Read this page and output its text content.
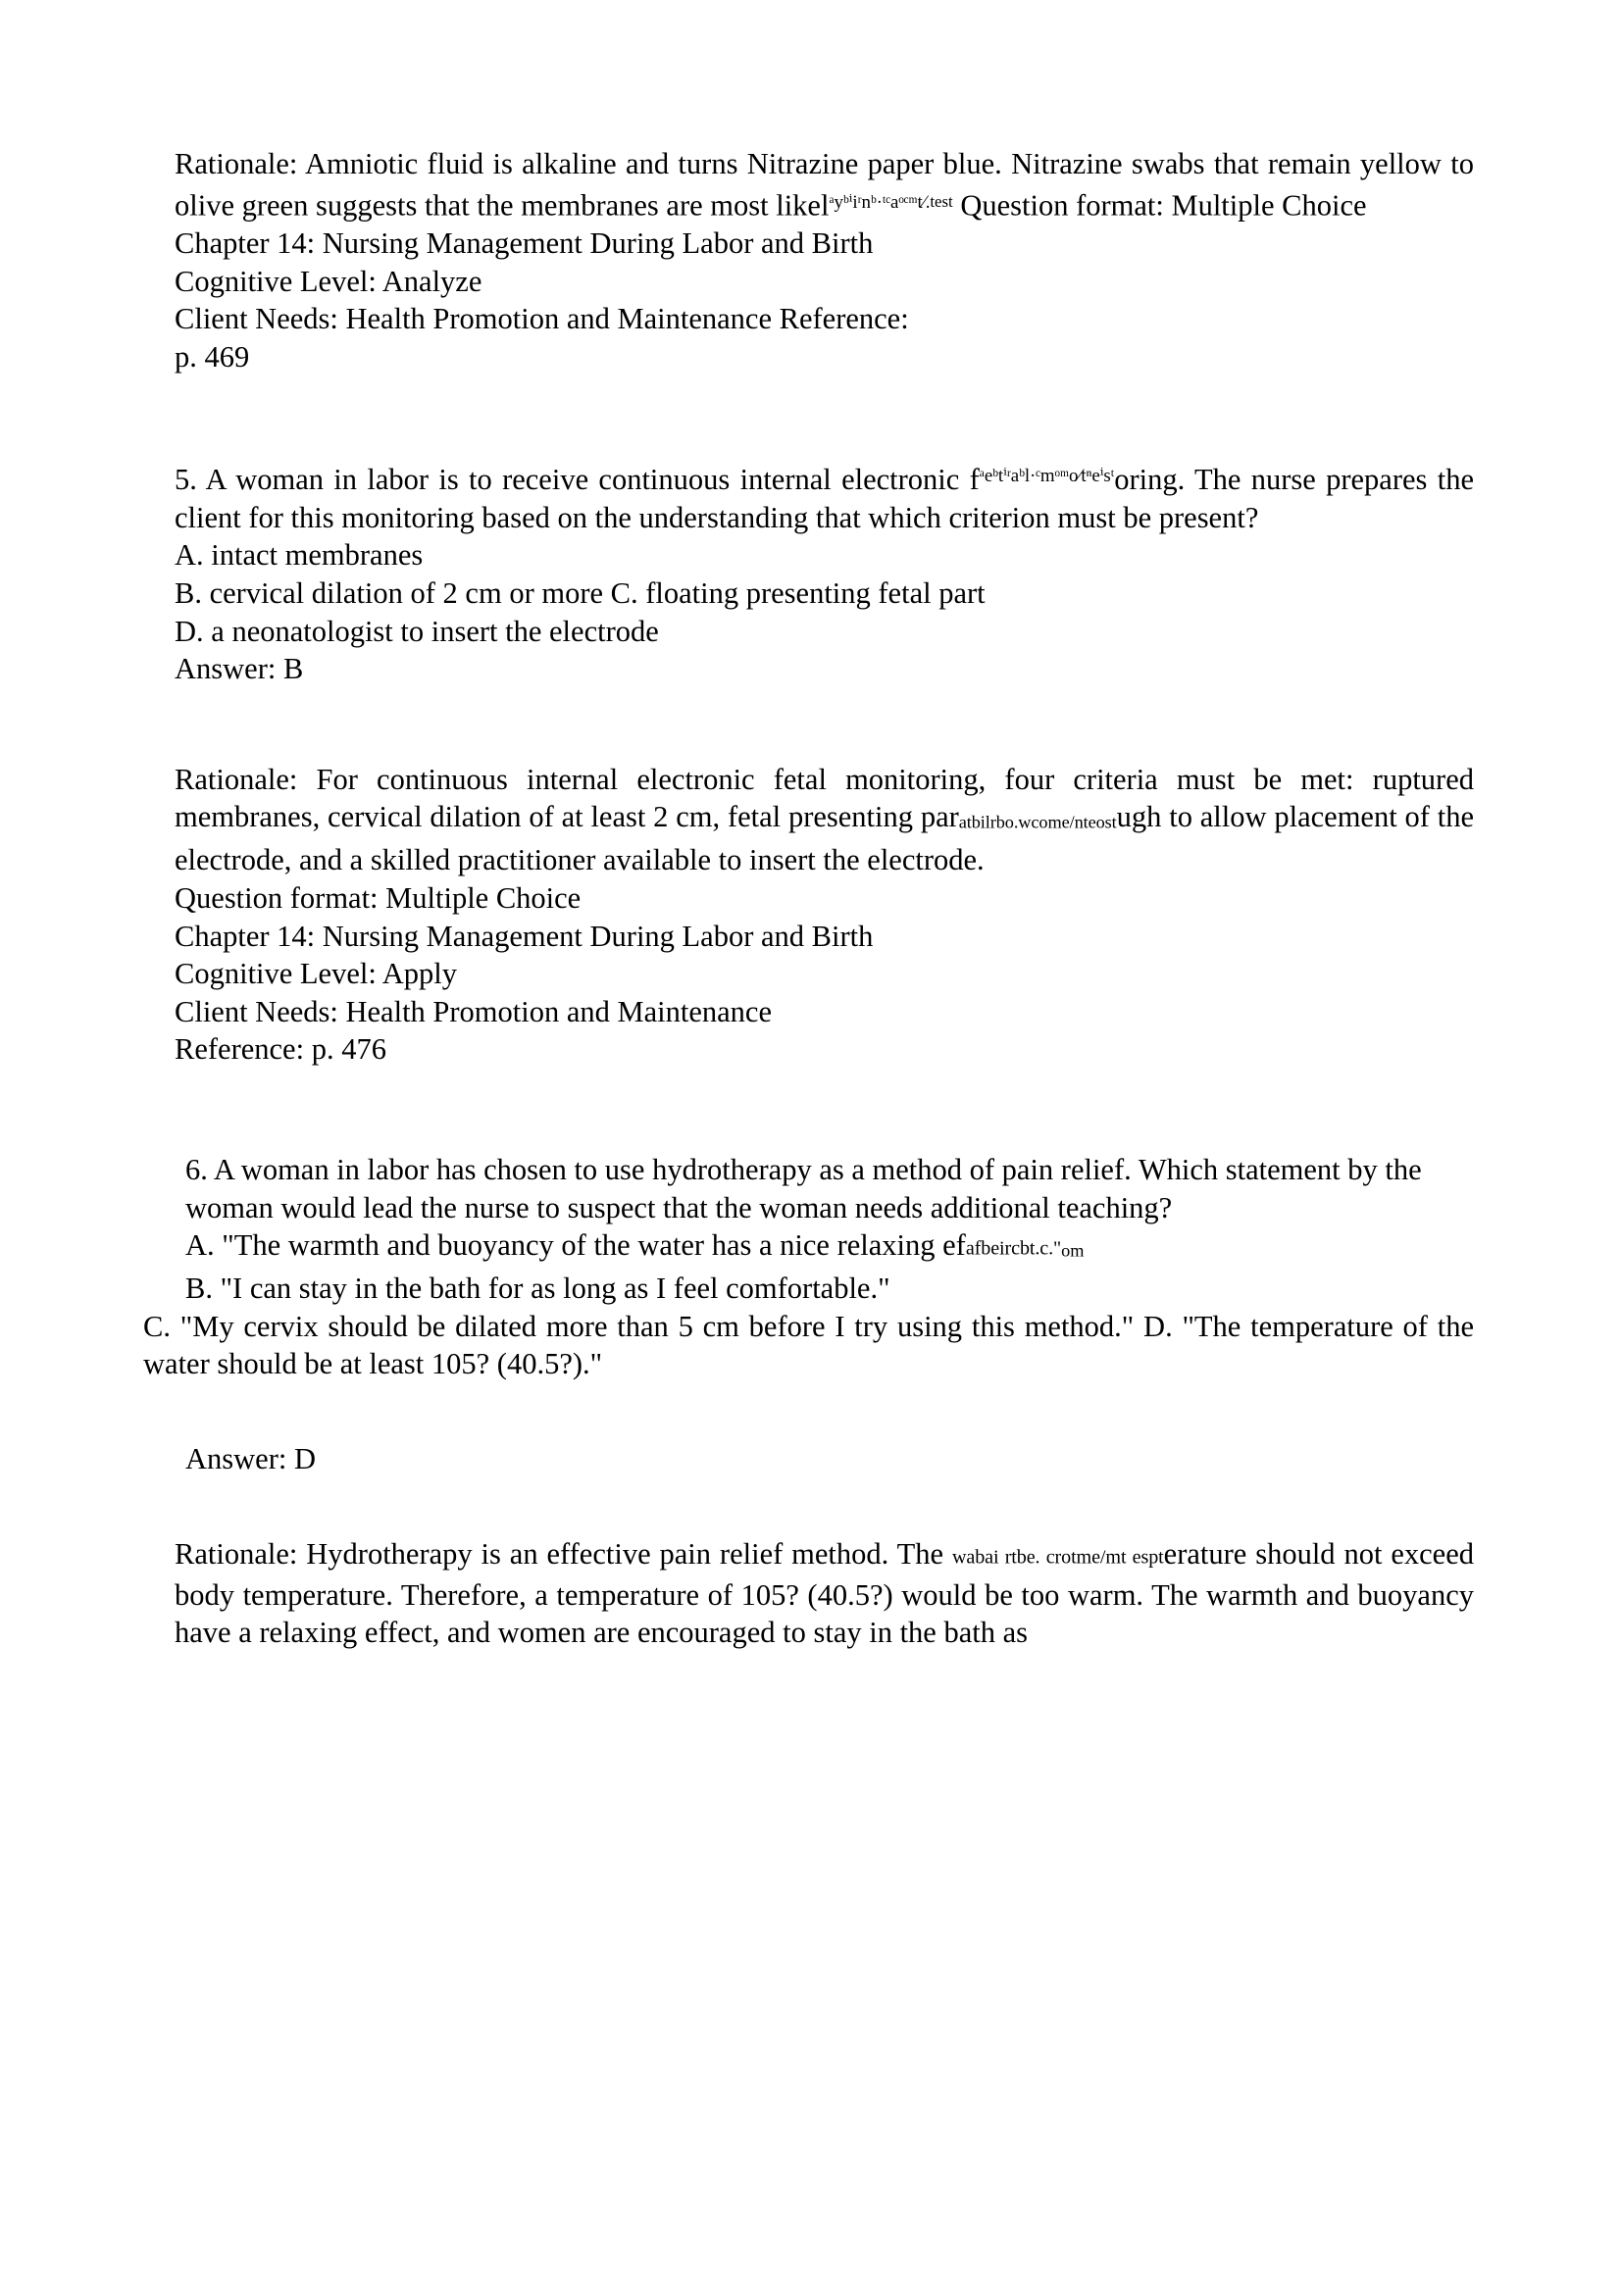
Rationale: Amniotic fluid is alkaline and turns Nitrazine paper blue. Nitrazine swabs that remain yellow to olive green suggests that the membranes are most likel$^{ᵃyᵇ^iiʳnᵇ\cdot ᵗᶜaᵒᶜᵐt⁄.test}$ Question format: Multiple Choice
Chapter 14: Nursing Management During Labor and Birth
Cognitive Level: Analyze
Client Needs: Health Promotion and Maintenance Reference:
p. 469
5. A woman in labor is to receive continuous internal electronic $f^{ᵃeᵇt^iʳaᵇl\cdot ᶜmᵒᵐo⁄t^ne^isᵗ}oring$. The nurse prepares the client for this monitoring based on the understanding that which criterion must be present?
A. intact membranes
B. cervical dilation of 2 cm or more C. floating presenting fetal part
D. a neonatologist to insert the electrode
Answer: B
Rationale: For continuous internal electronic fetal monitoring, four criteria must be met: ruptured membranes, cervical dilation of at least 2 cm, fetal presenting paratbilrbo.wcome/nteostugh to allow placement of the electrode, and a skilled practitioner available to insert the electrode.
Question format: Multiple Choice
Chapter 14: Nursing Management During Labor and Birth
Cognitive Level: Apply
Client Needs: Health Promotion and Maintenance
Reference: p. 476
6. A woman in labor has chosen to use hydrotherapy as a method of pain relief. Which statement by the woman would lead the nurse to suspect that the woman needs additional teaching?
A. "The warmth and buoyancy of the water has a nice relaxing efafbeircbt.c."om
B. "I can stay in the bath for as long as I feel comfortable."
C. "My cervix should be dilated more than 5 cm before I try using this method." D. "The temperature of the water should be at least 105? (40.5?)."
Answer: D
Rationale: Hydrotherapy is an effective pain relief method. The wabai rtbe. crotme/mt espterature should not exceed body temperature. Therefore, a temperature of 105? (40.5?) would be too warm. The warmth and buoyancy have a relaxing effect, and women are encouraged to stay in the bath as
